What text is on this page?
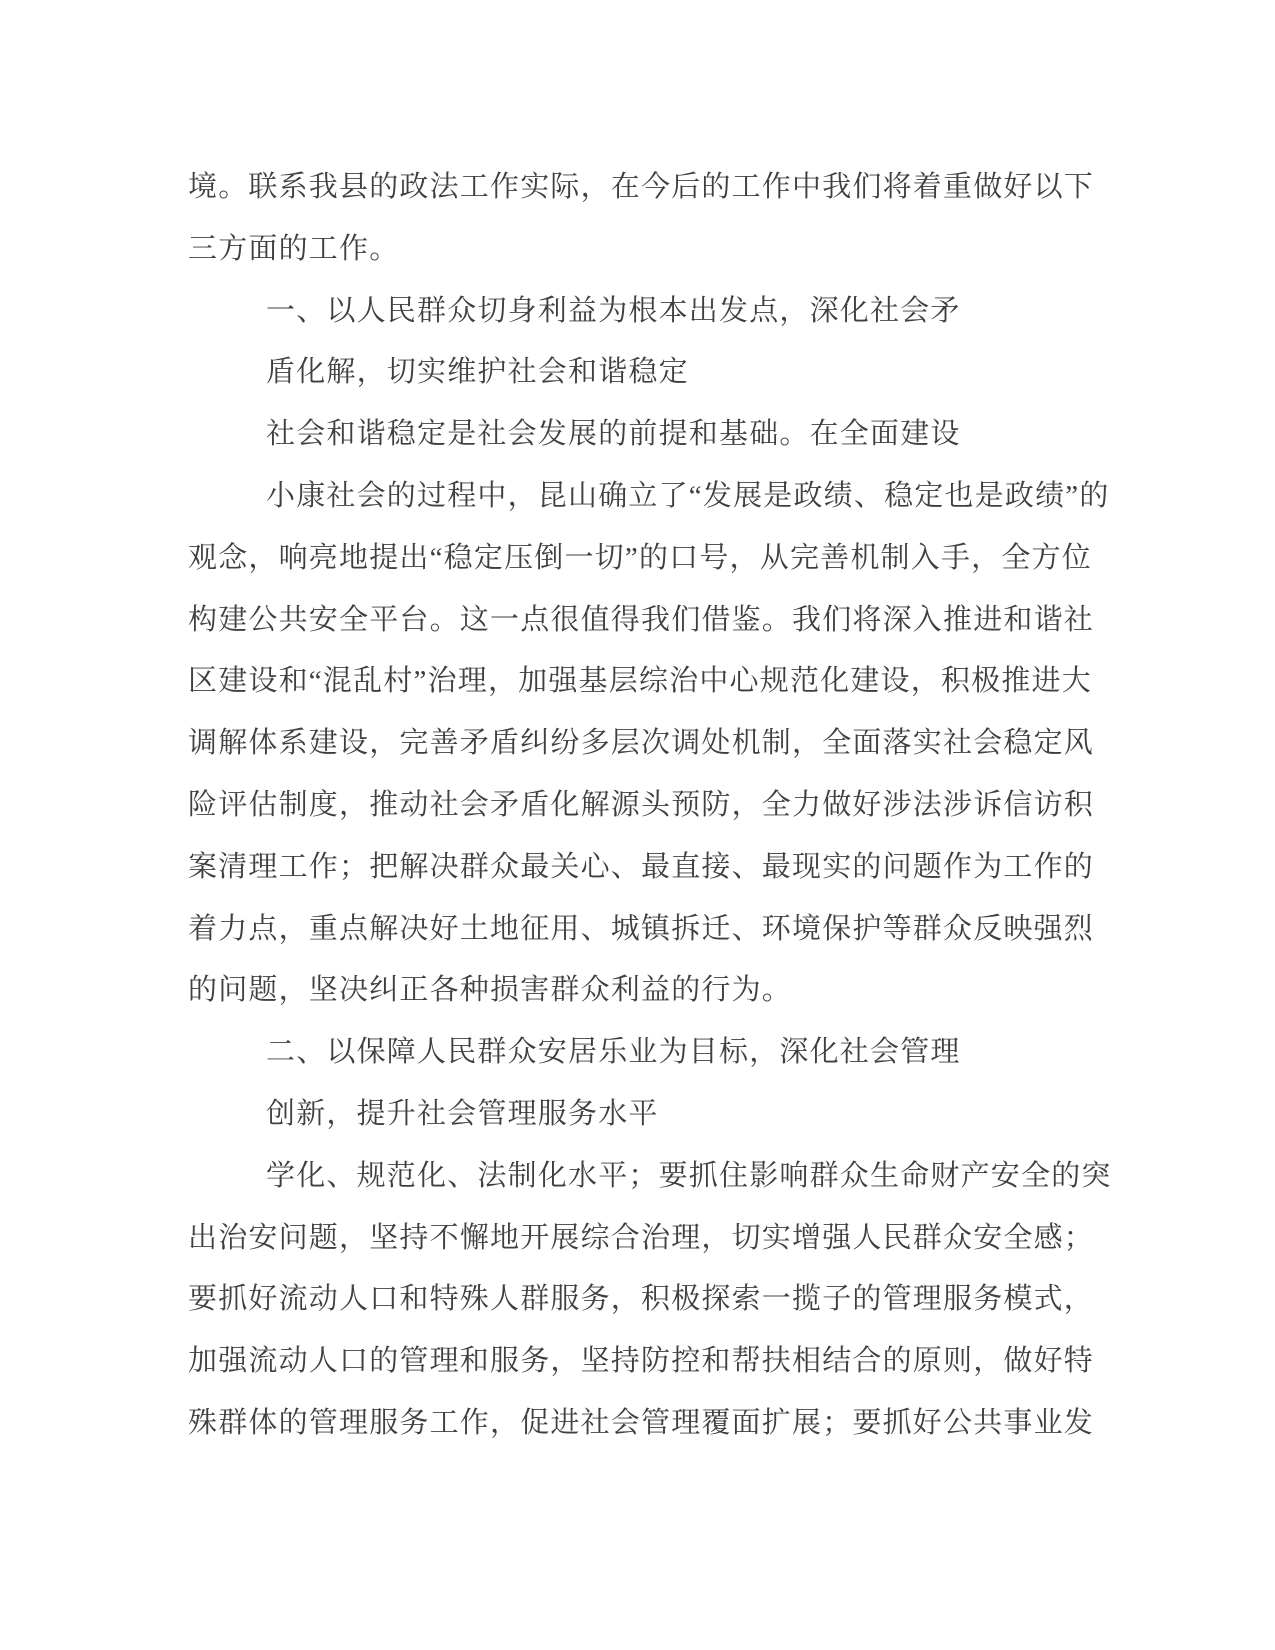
境。联系我县的政法工作实际，在今后的工作中我们将着重做好以下
三方面的工作。
一、以人民群众切身利益为根本出发点，深化社会矛
盾化解，切实维护社会和谐稳定
社会和谐稳定是社会发展的前提和基础。在全面建设
小康社会的过程中，昆山确立了“发展是政绩、稳定也是政绩”的
观念，响亮地提出“稳定压倒一切”的口号，从完善机制入手，全方位
构建公共安全平台。这一点很值得我们借鉴。我们将深入推进和谐社
区建设和“混乱村”治理，加强基层综治中心规范化建设，积极推进大
调解体系建设，完善矛盾纠纷多层次调处机制，全面落实社会稳定风
险评估制度，推动社会矛盾化解源头预防，全力做好涉法涉诉信访积
案清理工作；把解决群众最关心、最直接、最现实的问题作为工作的
着力点，重点解决好土地征用、城镇拆迁、环境保护等群众反映强烈
的问题，坚决纠正各种损害群众利益的行为。
二、以保障人民群众安居乐业为目标，深化社会管理
创新，提升社会管理服务水平
学化、规范化、法制化水平；要抓住影响群众生命财产安全的突
出治安问题，坚持不懈地开展综合治理，切实增强人民群众安全感；
要抓好流动人口和特殊人群服务，积极探索一揽子的管理服务模式，
加强流动人口的管理和服务，坚持防控和帮扶相结合的原则，做好特
殊群体的管理服务工作，促进社会管理覆面扩展；要抓好公共事业发
